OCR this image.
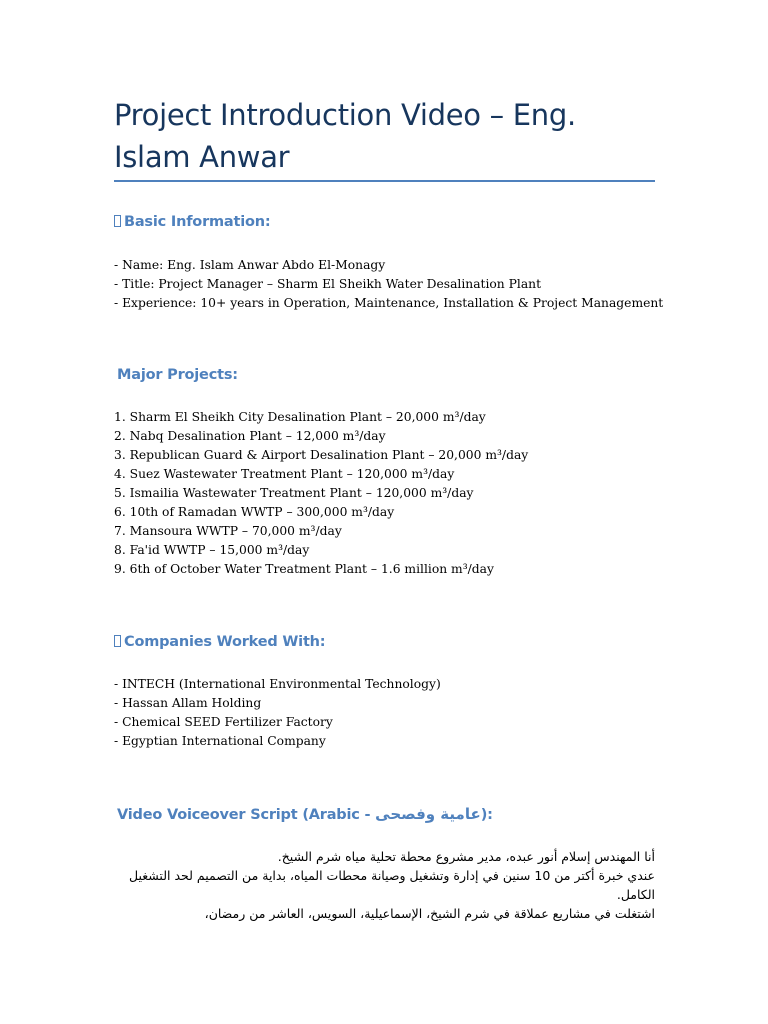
Project Introduction Video – Eng. Islam Anwar
Basic Information:
- Name: Eng. Islam Anwar Abdo El-Monagy
- Title: Project Manager – Sharm El Sheikh Water Desalination Plant
- Experience: 10+ years in Operation, Maintenance, Installation & Project Management
Major Projects:
1. Sharm El Sheikh City Desalination Plant – 20,000 m³/day
2. Nabq Desalination Plant – 12,000 m³/day
3. Republican Guard & Airport Desalination Plant – 20,000 m³/day
4. Suez Wastewater Treatment Plant – 120,000 m³/day
5. Ismailia Wastewater Treatment Plant – 120,000 m³/day
6. 10th of Ramadan WWTP – 300,000 m³/day
7. Mansoura WWTP – 70,000 m³/day
8. Fa'id WWTP – 15,000 m³/day
9. 6th of October Water Treatment Plant – 1.6 million m³/day
Companies Worked With:
- INTECH (International Environmental Technology)
- Hassan Allam Holding
- Chemical SEED Fertilizer Factory
- Egyptian International Company
Video Voiceover Script (Arabic - عامية وفصحى):
أنا المهندس إسلام أنور عبده، مدير مشروع محطة تحلية مياه شرم الشيخ.
عندي خبرة أكتر من 10 سنين في إدارة وتشغيل وصيانة محطات المياه، بداية من التصميم لحد التشغيل الكامل.
اشتغلت في مشاريع عملاقة في شرم الشيخ، الإسماعيلية، السويس، العاشر من رمضان،
